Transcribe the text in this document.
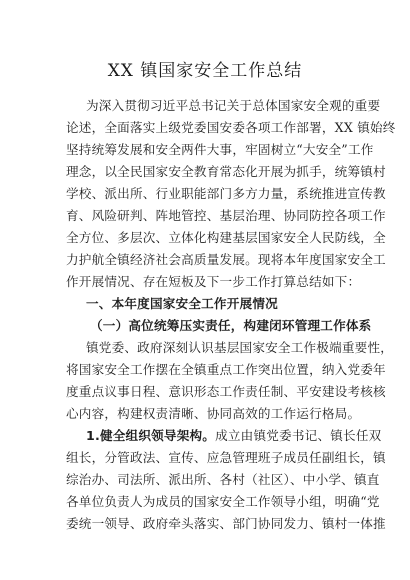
XX 镇国家安全工作总结
为深入贯彻习近平总书记关于总体国家安全观的重要
论述，全面落实上级党委国安委各项工作部署，XX 镇始终
坚持统筹发展和安全两件大事，牢固树立“大安全”工作
理念，以全民国家安全教育常态化开展为抓手，统筹镇村
学校、派出所、行业职能部门多方力量，系统推进宣传教
育、风险研判、阵地管控、基层治理、协同防控各项工作
全方位、多层次、立体化构建基层国家安全人民防线，全
力护航全镇经济社会高质量发展。现将本年度国家安全工
作开展情况、存在短板及下一步工作打算总结如下：
一、本年度国家安全工作开展情况
（一）高位统筹压实责任，构建闭环管理工作体系
镇党委、政府深刻认识基层国家安全工作极端重要性，
将国家安全工作摆在全镇重点工作突出位置，纳入党委年
度重点议事日程、意识形态工作责任制、平安建设考核核
心内容，构建权责清晰、协同高效的工作运行格局。
1.健全组织领导架构。成立由镇党委书记、镇长任双
组长，分管政法、宣传、应急管理班子成员任副组长，镇
综治办、司法所、派出所、各村（社区）、中小学、镇直
各单位负责人为成员的国家安全工作领导小组，明确“党
委统一领导、政府牵头落实、部门协同发力、镇村一体推
